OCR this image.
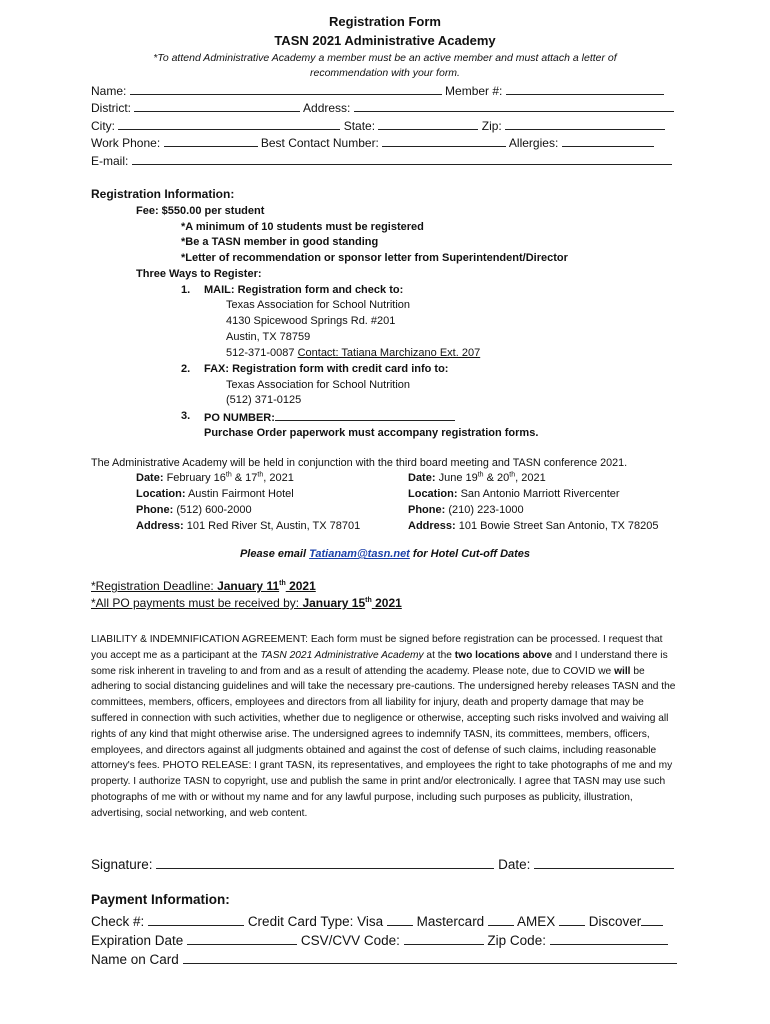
Registration Form
TASN 2021 Administrative Academy
*To attend Administrative Academy a member must be an active member and must attach a letter of
recommendation with your form.
Name:	Member #:
District:	Address:
City:	State:	Zip:
Work Phone:	Best Contact Number:	Allergies:
E-mail:
Registration Information:
Fee: $550.00 per student
*A minimum of 10 students must be registered
*Be a TASN member in good standing
*Letter of recommendation or sponsor letter from Superintendent/Director
Three Ways to Register:
1. MAIL: Registration form and check to:
Texas Association for School Nutrition
4130 Spicewood Springs Rd. #201
Austin, TX 78759
512-371-0087 Contact: Tatiana Marchizano Ext. 207
2. FAX: Registration form with credit card info to:
Texas Association for School Nutrition
(512) 371-0125
3. PO NUMBER:
Purchase Order paperwork must accompany registration forms.
The Administrative Academy will be held in conjunction with the third board meeting and TASN conference 2021.
Date: February 16th & 17th, 2021
Location: Austin Fairmont Hotel
Phone: (512) 600-2000
Address: 101 Red River St, Austin, TX 78701
Date: June 19th & 20th, 2021
Location: San Antonio Marriott Rivercenter
Phone: (210) 223-1000
Address: 101 Bowie Street San Antonio, TX 78205
Please email Tatianam@tasn.net for Hotel Cut-off Dates
*Registration Deadline: January 11th 2021
*All PO payments must be received by: January 15th 2021
LIABILITY & INDEMNIFICATION AGREEMENT: Each form must be signed before registration can be processed. I request that you accept me as a participant at the TASN 2021 Administrative Academy at the two locations above and I understand there is some risk inherent in traveling to and from and as a result of attending the academy. Please note, due to COVID we will be adhering to social distancing guidelines and will take the necessary pre-cautions. The undersigned hereby releases TASN and the committees, members, officers, employees and directors from all liability for injury, death and property damage that may be suffered in connection with such activities, whether due to negligence or otherwise, accepting such risks involved and waiving all rights of any kind that might otherwise arise. The undersigned agrees to indemnify TASN, its committees, members, officers, employees, and directors against all judgments obtained and against the cost of defense of such claims, including reasonable attorney's fees. PHOTO RELEASE: I grant TASN, its representatives, and employees the right to take photographs of me and my property. I authorize TASN to copyright, use and publish the same in print and/or electronically. I agree that TASN may use such photographs of me with or without my name and for any lawful purpose, including such purposes as publicity, illustration, advertising, social networking, and web content.
Signature:	Date:
Payment Information:
Check #:	Credit Card Type: Visa Mastercard AMEX Discover
Expiration Date	CSV/CVV Code:	Zip Code:
Name on Card
